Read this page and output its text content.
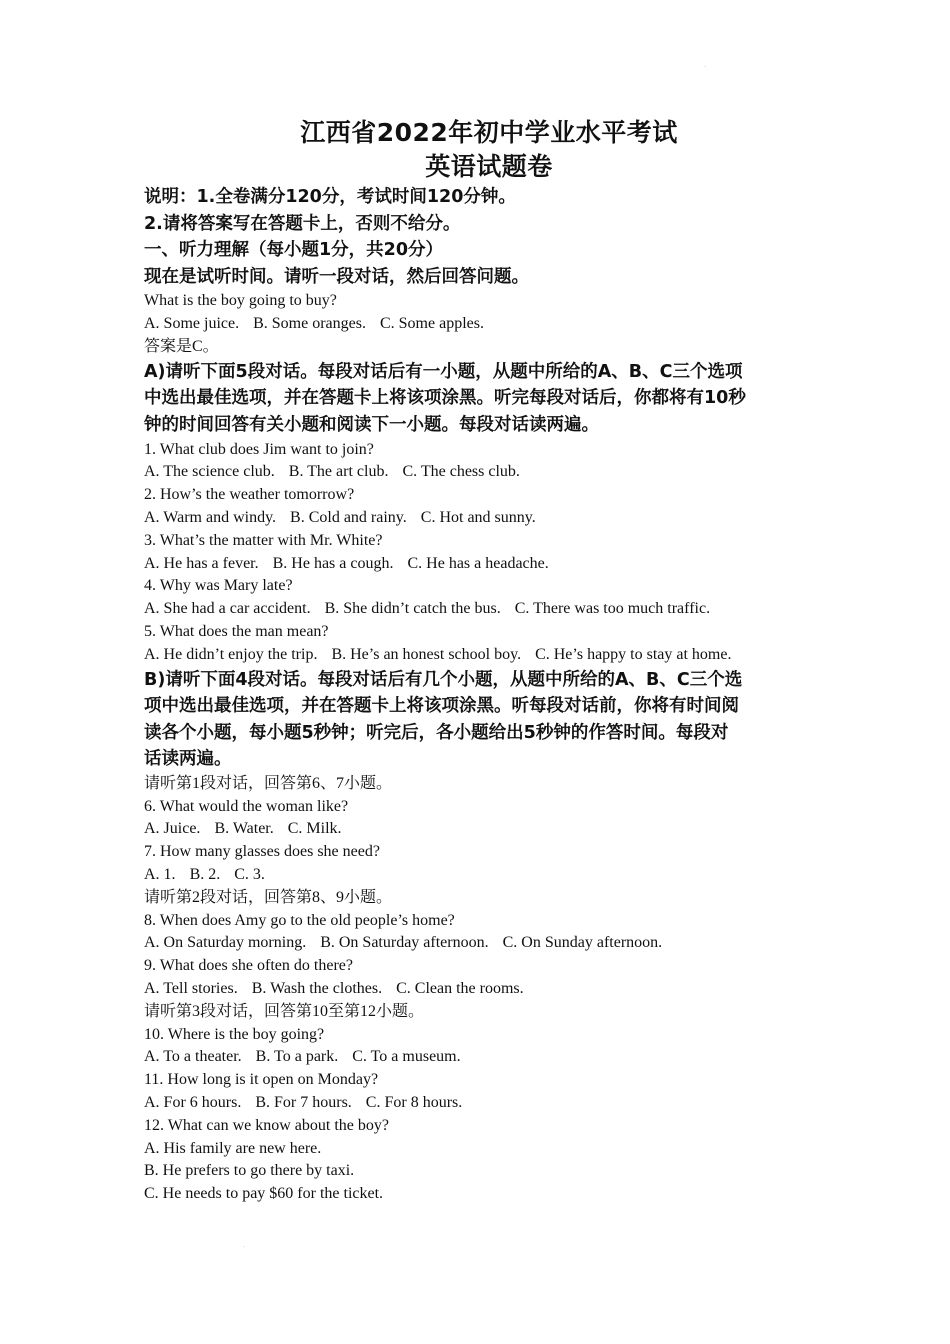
·
·
江西省2022年初中学业水平考试
英语试题卷
说明：1.全卷满分120分，考试时间120分钟。
2.请将答案写在答题卡上，否则不给分。
一、听力理解（每小题1分，共20分）
现在是试听时间。请听一段对话，然后回答问题。
What is the boy going to buy?
A. Some juice. B. Some oranges. C. Some apples.
答案是C。
A)请听下面5段对话。每段对话后有一小题，从题中所给的A、B、C三个选项
中选出最佳选项，并在答题卡上将该项涂黑。听完每段对话后，你都将有10秒
钟的时间回答有关小题和阅读下一小题。每段对话读两遍。
1. What club does Jim want to join?
A. The science club. B. The art club. C. The chess club.
2. How’s the weather tomorrow?
A. Warm and windy. B. Cold and rainy. C. Hot and sunny.
3. What’s the matter with Mr. White?
A. He has a fever. B. He has a cough. C. He has a headache.
4. Why was Mary late?
A. She had a car accident. B. She didn’t catch the bus. C. There was too much traffic.
5. What does the man mean?
A. He didn’t enjoy the trip. B. He’s an honest school boy. C. He’s happy to stay at home.
B)请听下面4段对话。每段对话后有几个小题，从题中所给的A、B、C三个选
项中选出最佳选项，并在答题卡上将该项涂黑。听每段对话前，你将有时间阅
读各个小题，每小题5秒钟；听完后，各小题给出5秒钟的作答时间。每段对
话读两遍。
请听第1段对话，回答第6、7小题。
6. What would the woman like?
A. Juice. B. Water. C. Milk.
7. How many glasses does she need?
A. 1. B. 2. C. 3.
请听第2段对话，回答第8、9小题。
8. When does Amy go to the old people’s home?
A. On Saturday morning. B. On Saturday afternoon. C. On Sunday afternoon.
9. What does she often do there?
A. Tell stories. B. Wash the clothes. C. Clean the rooms.
请听第3段对话，回答第10至第12小题。
10. Where is the boy going?
A. To a theater. B. To a park. C. To a museum.
11. How long is it open on Monday?
A. For 6 hours. B. For 7 hours. C. For 8 hours.
12. What can we know about the boy?
A. His family are new here.
B. He prefers to go there by taxi.
C. He needs to pay $60 for the ticket.
